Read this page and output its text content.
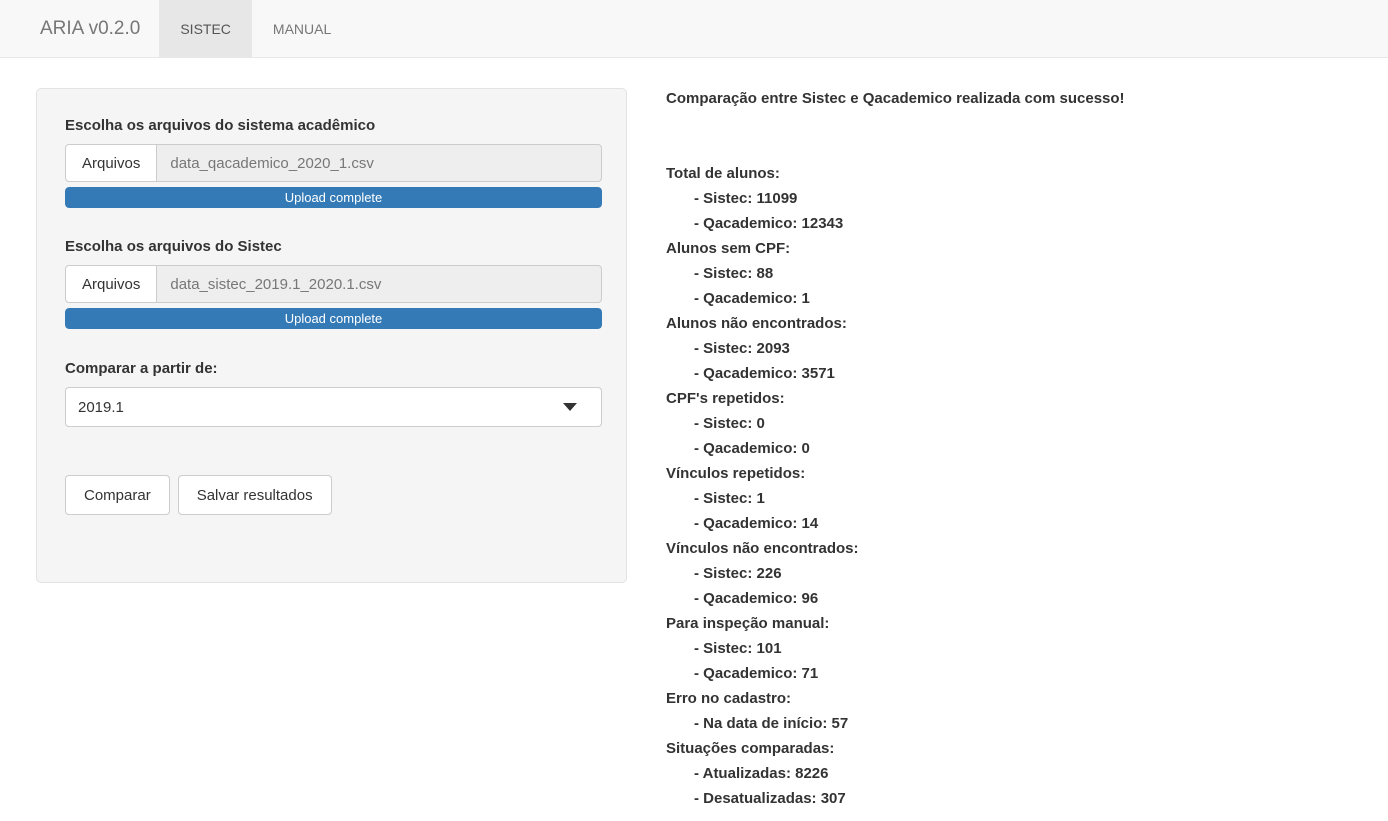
ARIA v0.2.0	SISTEC	MANUAL
Escolha os arquivos do sistema acadêmico
Arquivos	data_qacademico_2020_1.csv
Upload complete
Escolha os arquivos do Sistec
Arquivos	data_sistec_2019.1_2020.1.csv
Upload complete
Comparar a partir de:
2019.1
Comparar	Salvar resultados
Comparação entre Sistec e Qacademico realizada com sucesso!
Total de alunos:
- Sistec: 11099
- Qacademico: 12343
Alunos sem CPF:
- Sistec: 88
- Qacademico: 1
Alunos não encontrados:
- Sistec: 2093
- Qacademico: 3571
CPF's repetidos:
- Sistec: 0
- Qacademico: 0
Vínculos repetidos:
- Sistec: 1
- Qacademico: 14
Vínculos não encontrados:
- Sistec: 226
- Qacademico: 96
Para inspeção manual:
- Sistec: 101
- Qacademico: 71
Erro no cadastro:
- Na data de início: 57
Situações comparadas:
- Atualizadas: 8226
- Desatualizadas: 307
